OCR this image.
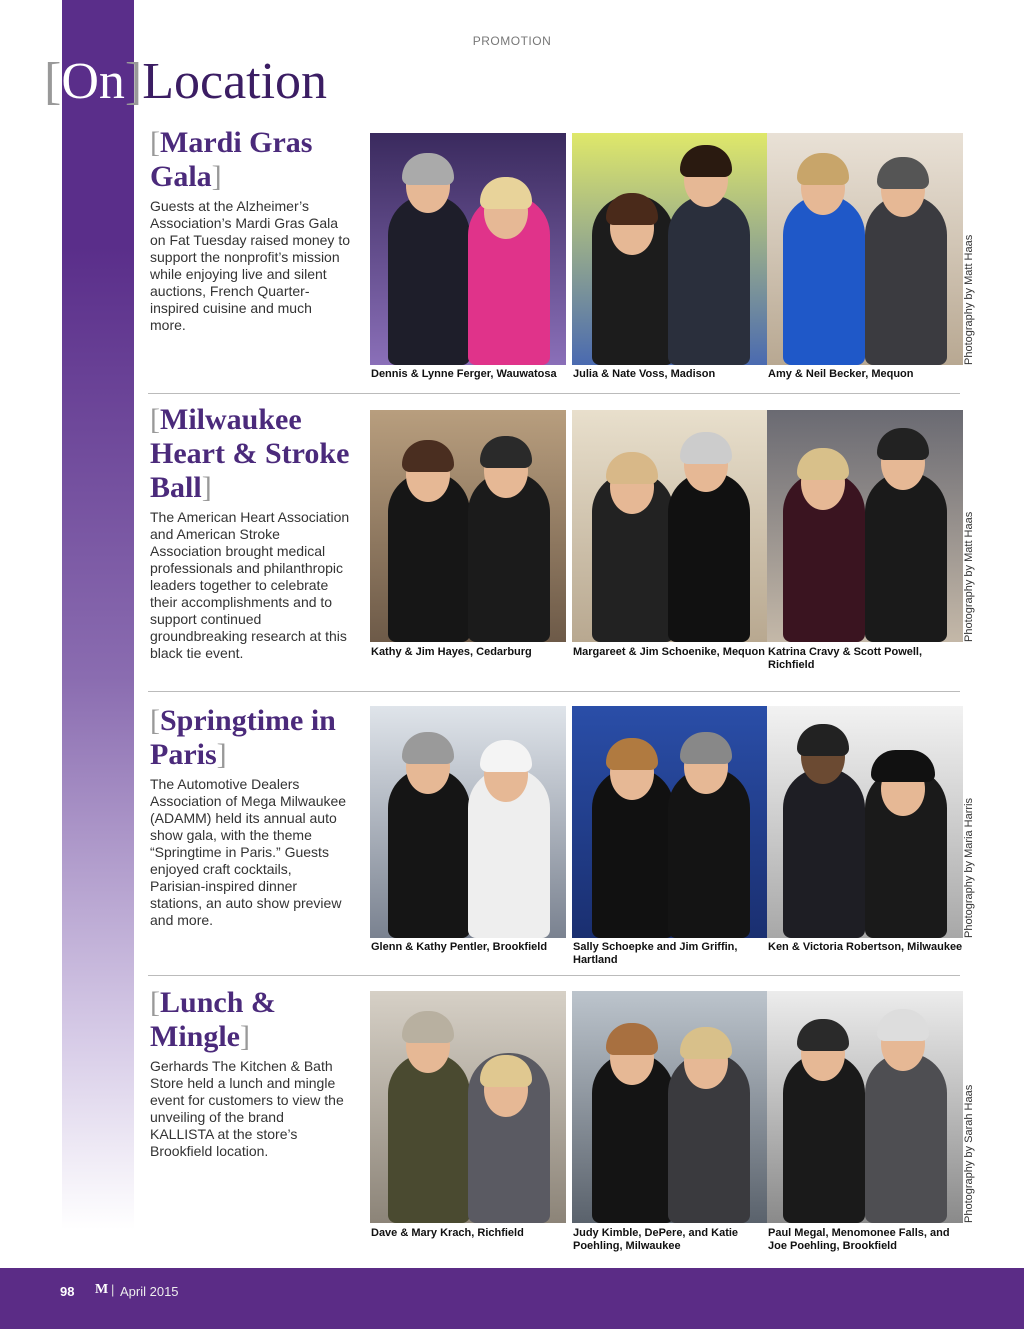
PROMOTION
[On]Location
[Mardi Gras Gala]
Guests at the Alzheimer’s Association’s Mardi Gras Gala on Fat Tuesday raised money to support the nonprofit’s mission while enjoying live and silent auctions, French Quarter-inspired cuisine and much more.
Dennis & Lynne Ferger, Wauwatosa	Julia & Nate Voss, Madison	Amy & Neil Becker, Mequon
Photography by Matt Haas
[Milwaukee Heart & Stroke Ball]
The American Heart Association and American Stroke Association brought medical professionals and philanthropic leaders together to celebrate their accomplishments and to support continued groundbreaking research at this black tie event.	Kathy & Jim Hayes, Cedarburg	Margareet & Jim Schoenike, Mequon Katrina Cravy & Scott Powell, Richfield
Photography by Matt Haas
[Springtime in Paris]
The Automotive Dealers Association of Mega Milwaukee (ADAMM) held its annual auto show gala, with the theme “Springtime in Paris.” Guests enjoyed craft cocktails, Parisian-inspired dinner stations, an auto show preview and more.
Glenn & Kathy Pentler, Brookfield	Sally Schoepke and Jim Griffin, Hartland
Ken & Victoria Robertson, Milwaukee
Photography by Maria Harris
[Lunch & Mingle]
Gerhards The Kitchen & Bath Store held a lunch and mingle event for customers to view the unveiling of the brand KALLISTA at the store’s Brookfield location.
Dave & Mary Krach, Richfield	Judy Kimble, DePere, and Katie Poehling, Milwaukee
Paul Megal, Menomonee Falls, and Joe Poehling, Brookfield
Photography by Sarah Haas
98 M | April 2015
